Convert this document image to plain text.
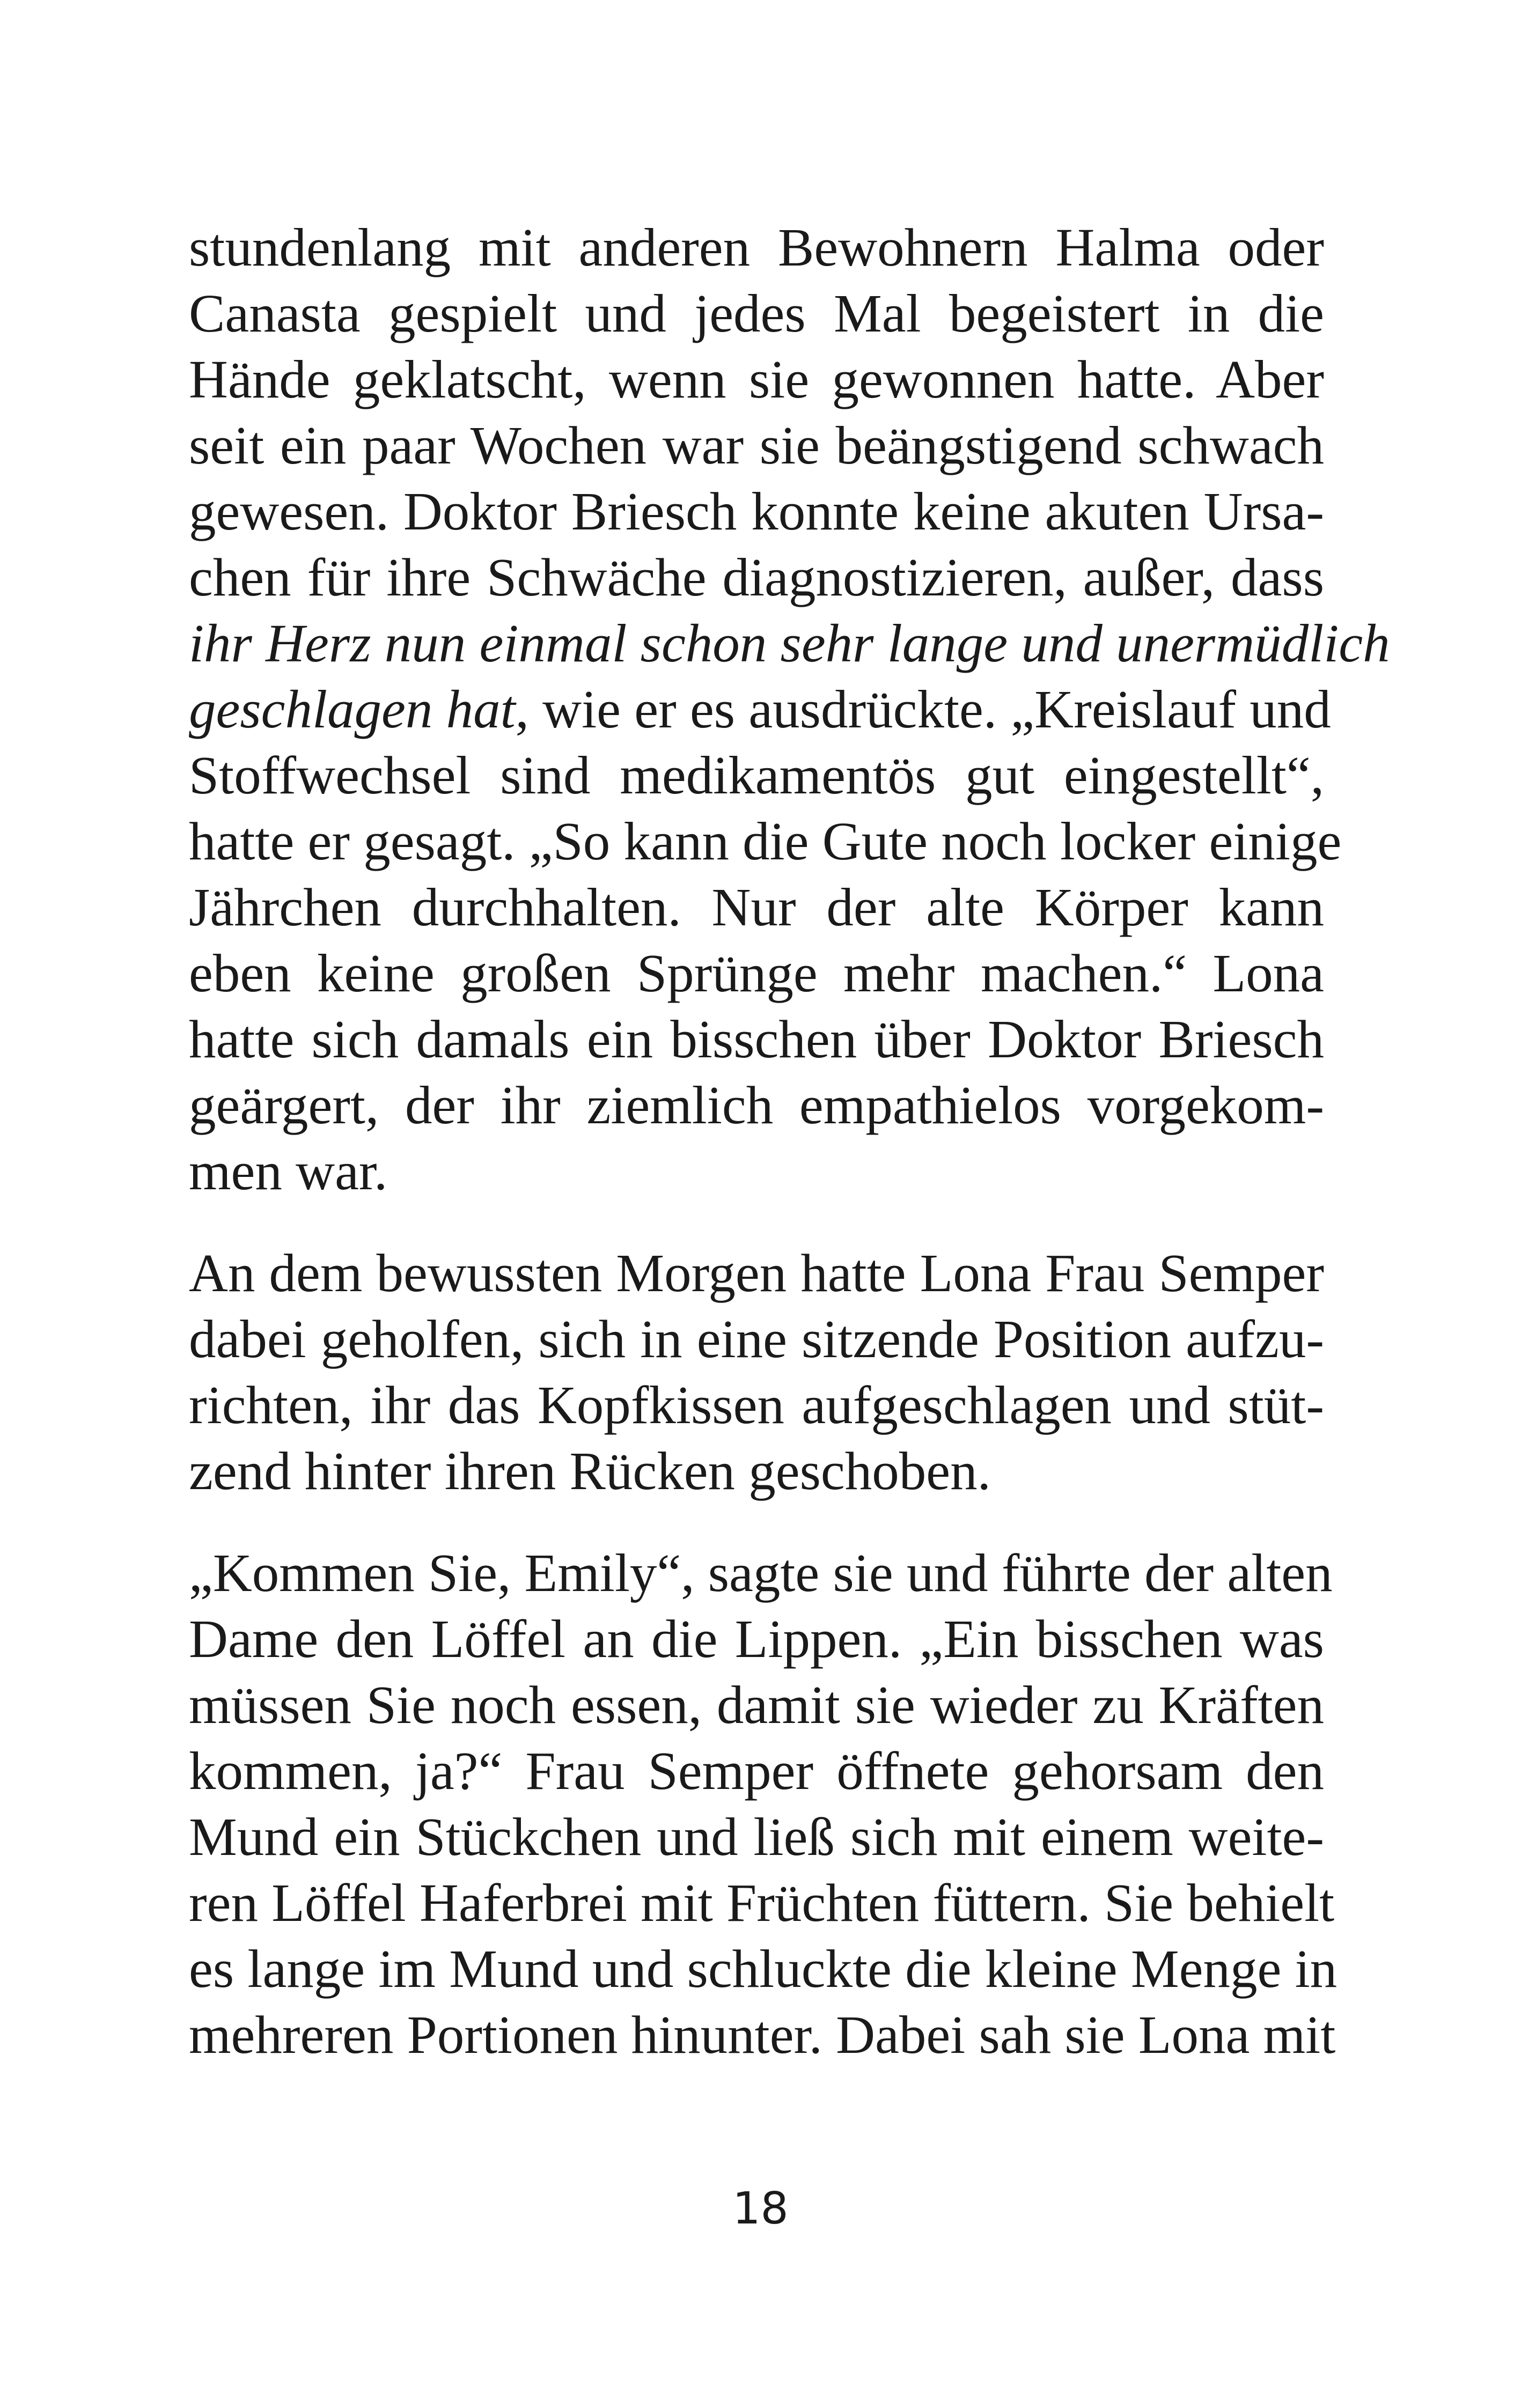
stundenlang mit anderen Bewohnern Halma oder
Canasta gespielt und jedes Mal begeistert in die
Hände geklatscht, wenn sie gewonnen hatte. Aber
seit ein paar Wochen war sie beängstigend schwach
gewesen. Doktor Briesch konnte keine akuten Ursa-
chen für ihre Schwäche diagnostizieren, außer, dass
ihr Herz nun einmal schon sehr lange und unermüdlich
geschlagen hat, wie er es ausdrückte. „Kreislauf und
Stoffwechsel sind medikamentös gut eingestellt“,
hatte er gesagt. „So kann die Gute noch locker einige
Jährchen durchhalten. Nur der alte Körper kann
eben keine großen Sprünge mehr machen.“ Lona
hatte sich damals ein bisschen über Doktor Briesch
geärgert, der ihr ziemlich empathielos vorgekom-
men war.
An dem bewussten Morgen hatte Lona Frau Semper
dabei geholfen, sich in eine sitzende Position aufzu-
richten, ihr das Kopfkissen aufgeschlagen und stüt-
zend hinter ihren Rücken geschoben.
„Kommen Sie, Emily“, sagte sie und führte der alten
Dame den Löffel an die Lippen. „Ein bisschen was
müssen Sie noch essen, damit sie wieder zu Kräften
kommen, ja?“ Frau Semper öffnete gehorsam den
Mund ein Stückchen und ließ sich mit einem weite-
ren Löffel Haferbrei mit Früchten füttern. Sie behielt
es lange im Mund und schluckte die kleine Menge in
mehreren Portionen hinunter. Dabei sah sie Lona mit
18
